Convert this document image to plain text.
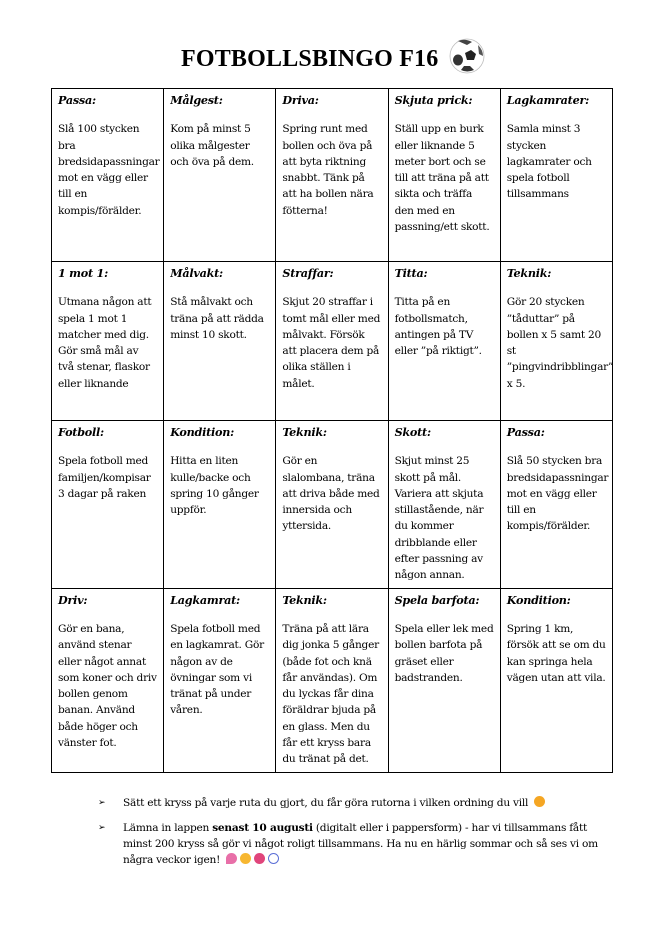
FOTBOLLSBINGO F16
Passa:
Slå 100 stycken bra bredsidapassningar mot en vägg eller till en kompis/förälder.	Målgest:
Kom på minst 5 olika målgester och öva på dem.	Driva:
Spring runt med bollen och öva på att byta riktning snabbt. Tänk på att ha bollen nära fötterna!	Skjuta prick:
Ställ upp en burk eller liknande 5 meter bort och se till att träna på att sikta och träffa den med en passning/ett skott.	Lagkamrater:
Samla minst 3 stycken lagkamrater och spela fotboll tillsammans

1 mot 1:
Utmana någon att spela 1 mot 1 matcher med dig. Gör små mål av två stenar, flaskor eller liknande	Målvakt:
Stå målvakt och träna på att rädda minst 10 skott.	Straffar:
Skjut 20 straffar i tomt mål eller med målvakt. Försök att placera dem på olika ställen i målet.	Titta:
Titta på en fotbollsmatch, antingen på TV eller ”på riktigt”.	Teknik:
Gör 20 stycken ”tåduttar” på bollen x 5 samt 20 st ”pingvindribblingar” x 5.

Fotboll:
Spela fotboll med familjen/kompisar 3 dagar på raken	Kondition:
Hitta en liten kulle/backe och spring 10 gånger uppför.	Teknik:
Gör en slalombana, träna att driva både med innersida och yttersida.	Skott:
Skjut minst 25 skott på mål. Variera att skjuta stillastående, när du kommer dribblande eller efter passning av någon annan.	Passa:
Slå 50 stycken bra bredsidapassningar mot en vägg eller till en kompis/förälder.

Driv:
Gör en bana, använd stenar eller något annat som koner och driv bollen genom banan. Använd både höger och vänster fot.	Lagkamrat:
Spela fotboll med en lagkamrat. Gör någon av de övningar som vi tränat på under våren.	Teknik:
Träna på att lära dig jonka 5 gånger (både fot och knä får användas). Om du lyckas får dina föräldrar bjuda på en glass. Men du får ett kryss bara du tränat på det.	Spela barfota:
Spela eller lek med bollen barfota på gräset eller badstranden.	Kondition:
Spring 1 km, försök att se om du kan springa hela vägen utan att vila.
➢ Sätt ett kryss på varje ruta du gjort, du får göra rutorna i vilken ordning du vill
➢ Lämna in lappen senast 10 augusti (digitalt eller i pappersform) - har vi tillsammans fått minst 200 kryss så gör vi något roligt tillsammans. Ha nu en härlig sommar och så ses vi om några veckor igen!
